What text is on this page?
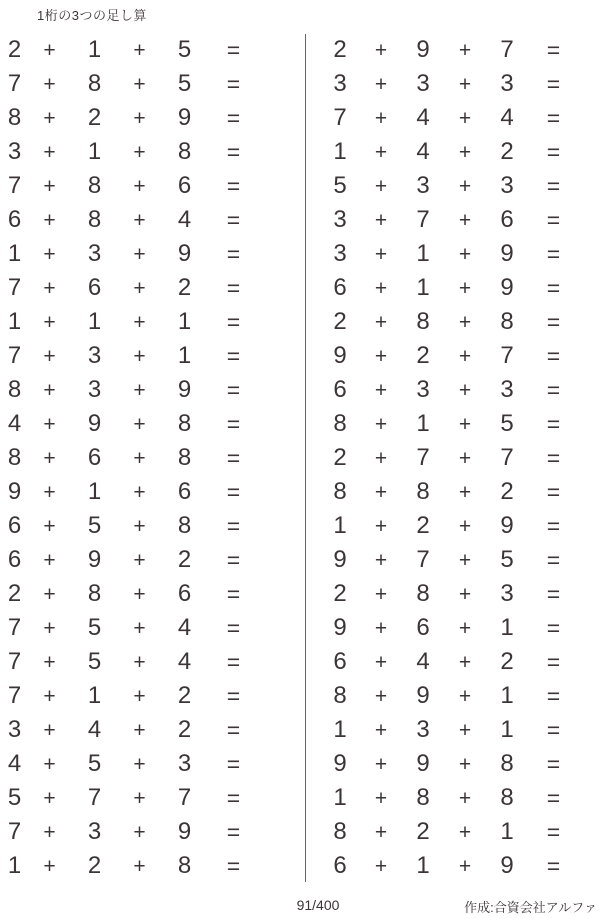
1桁の3つの足し算
2	+	1	+	5	=
7	+	8	+	5	=
8	+	2	+	9	=
3	+	1	+	8	=
7	+	8	+	6	=
6	+	8	+	4	=
1	+	3	+	9	=
7	+	6	+	2	=
1	+	1	+	1	=
7	+	3	+	1	=
8	+	3	+	9	=
4	+	9	+	8	=
8	+	6	+	8	=
9	+	1	+	6	=
6	+	5	+	8	=
6	+	9	+	2	=
2	+	8	+	6	=
7	+	5	+	4	=
7	+	5	+	4	=
7	+	1	+	2	=
3	+	4	+	2	=
4	+	5	+	3	=
5	+	7	+	7	=
7	+	3	+	9	=
1	+	2	+	8	=
2	+	9	+	7	=
3	+	3	+	3	=
7	+	4	+	4	=
1	+	4	+	2	=
5	+	3	+	3	=
3	+	7	+	6	=
3	+	1	+	9	=
6	+	1	+	9	=
2	+	8	+	8	=
9	+	2	+	7	=
6	+	3	+	3	=
8	+	1	+	5	=
2	+	7	+	7	=
8	+	8	+	2	=
1	+	2	+	9	=
9	+	7	+	5	=
2	+	8	+	3	=
9	+	6	+	1	=
6	+	4	+	2	=
8	+	9	+	1	=
1	+	3	+	1	=
9	+	9	+	8	=
1	+	8	+	8	=
8	+	2	+	1	=
6	+	1	+	9	=
91/400	作成:合資会社アルファ
